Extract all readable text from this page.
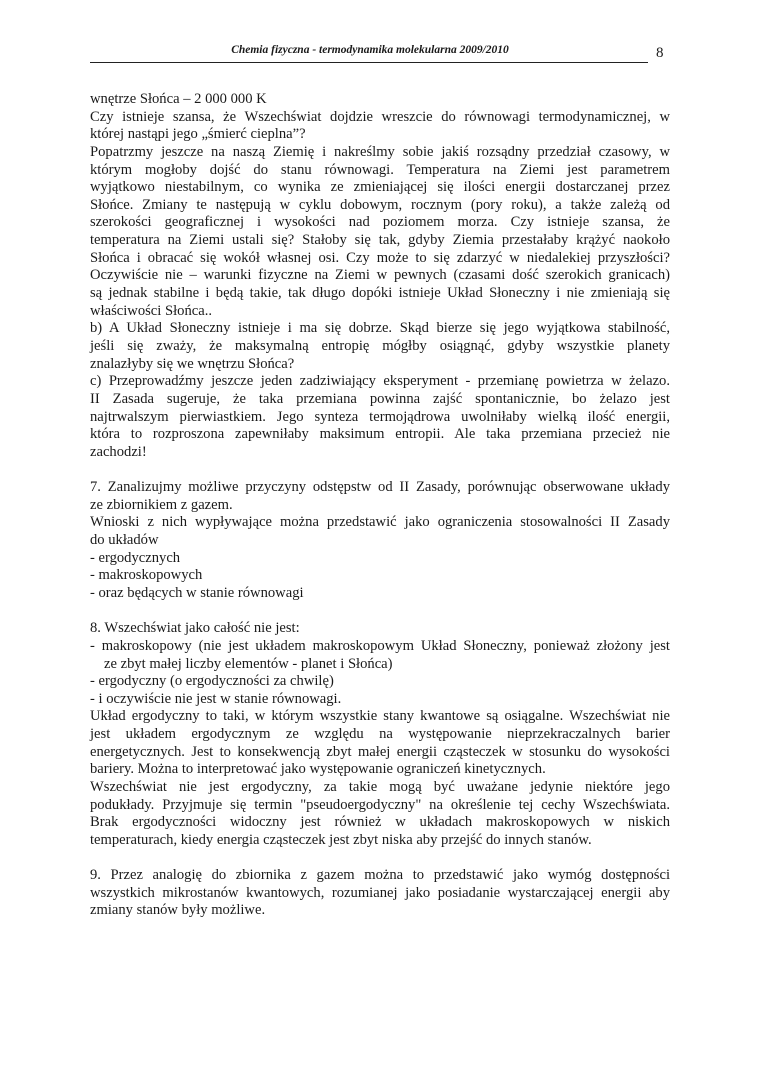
Chemia fizyczna - termodynamika molekularna 2009/2010	8
wnętrze Słońca – 2 000 000 K
Czy istnieje szansa, że Wszechświat dojdzie wreszcie do równowagi termodynamicznej, w
której nastąpi jego „śmierć cieplna”?
Popatrzmy jeszcze na naszą Ziemię i nakreślmy sobie jakiś rozsądny przedział czasowy, w
którym mogłoby dojść do stanu równowagi. Temperatura na Ziemi jest parametrem
wyjątkowo niestabilnym, co wynika ze zmieniającej się ilości energii dostarczanej przez
Słońce. Zmiany te następują w cyklu dobowym, rocznym (pory roku), a także zależą od
szerokości geograficznej i wysokości nad poziomem morza. Czy istnieje szansa, że
temperatura na Ziemi ustali się? Stałoby się tak, gdyby Ziemia przestałaby krążyć naokoło
Słońca i obracać się wokół własnej osi. Czy może to się zdarzyć w niedalekiej przyszłości?
Oczywiście nie – warunki fizyczne na Ziemi w pewnych (czasami dość szerokich granicach)
są jednak stabilne i będą takie, tak długo dopóki istnieje Układ Słoneczny i nie zmieniają się
właściwości Słońca..
b) A Układ Słoneczny istnieje i ma się dobrze. Skąd bierze się jego wyjątkowa stabilność,
jeśli się zważy, że maksymalną entropię mógłby osiągnąć, gdyby wszystkie planety
znalazłyby się we wnętrzu Słońca?
c) Przeprowadźmy jeszcze jeden zadziwiający eksperyment - przemianę powietrza w żelazo.
II Zasada sugeruje, że taka przemiana powinna zajść spontanicznie, bo żelazo jest
najtrwalszym pierwiastkiem. Jego synteza termojądrowa uwolniłaby wielką ilość energii,
która to rozproszona zapewniłaby maksimum entropii. Ale taka przemiana przecież nie
zachodzi!
7. Zanalizujmy możliwe przyczyny odstępstw od II Zasady, porównując obserwowane układy
ze zbiornikiem z gazem.
Wnioski z nich wypływające można przedstawić jako ograniczenia stosowalności II Zasady
do układów
- ergodycznych
- makroskopowych
- oraz będących w stanie równowagi
8. Wszechświat jako całość nie jest:
- makroskopowy (nie jest układem makroskopowym Układ Słoneczny, ponieważ złożony jest
ze zbyt małej liczby elementów - planet i Słońca)
- ergodyczny (o ergodyczności za chwilę)
- i oczywiście nie jest w stanie równowagi.
Układ ergodyczny to taki, w którym wszystkie stany kwantowe są osiągalne. Wszechświat nie
jest układem ergodycznym ze względu na występowanie nieprzekraczalnych barier
energetycznych. Jest to konsekwencją zbyt małej energii cząsteczek w stosunku do wysokości
bariery. Można to interpretować jako występowanie ograniczeń kinetycznych.
Wszechświat nie jest ergodyczny, za takie mogą być uważane jedynie niektóre jego
podukłady. Przyjmuje się termin "pseudoergodyczny" na określenie tej cechy Wszechświata.
Brak ergodyczności widoczny jest również w układach makroskopowych w niskich
temperaturach, kiedy energia cząsteczek jest zbyt niska aby przejść do innych stanów.
9. Przez analogię do zbiornika z gazem można to przedstawić jako wymóg dostępności
wszystkich mikrostanów kwantowych, rozumianej jako posiadanie wystarczającej energii aby
zmiany stanów były możliwe.
